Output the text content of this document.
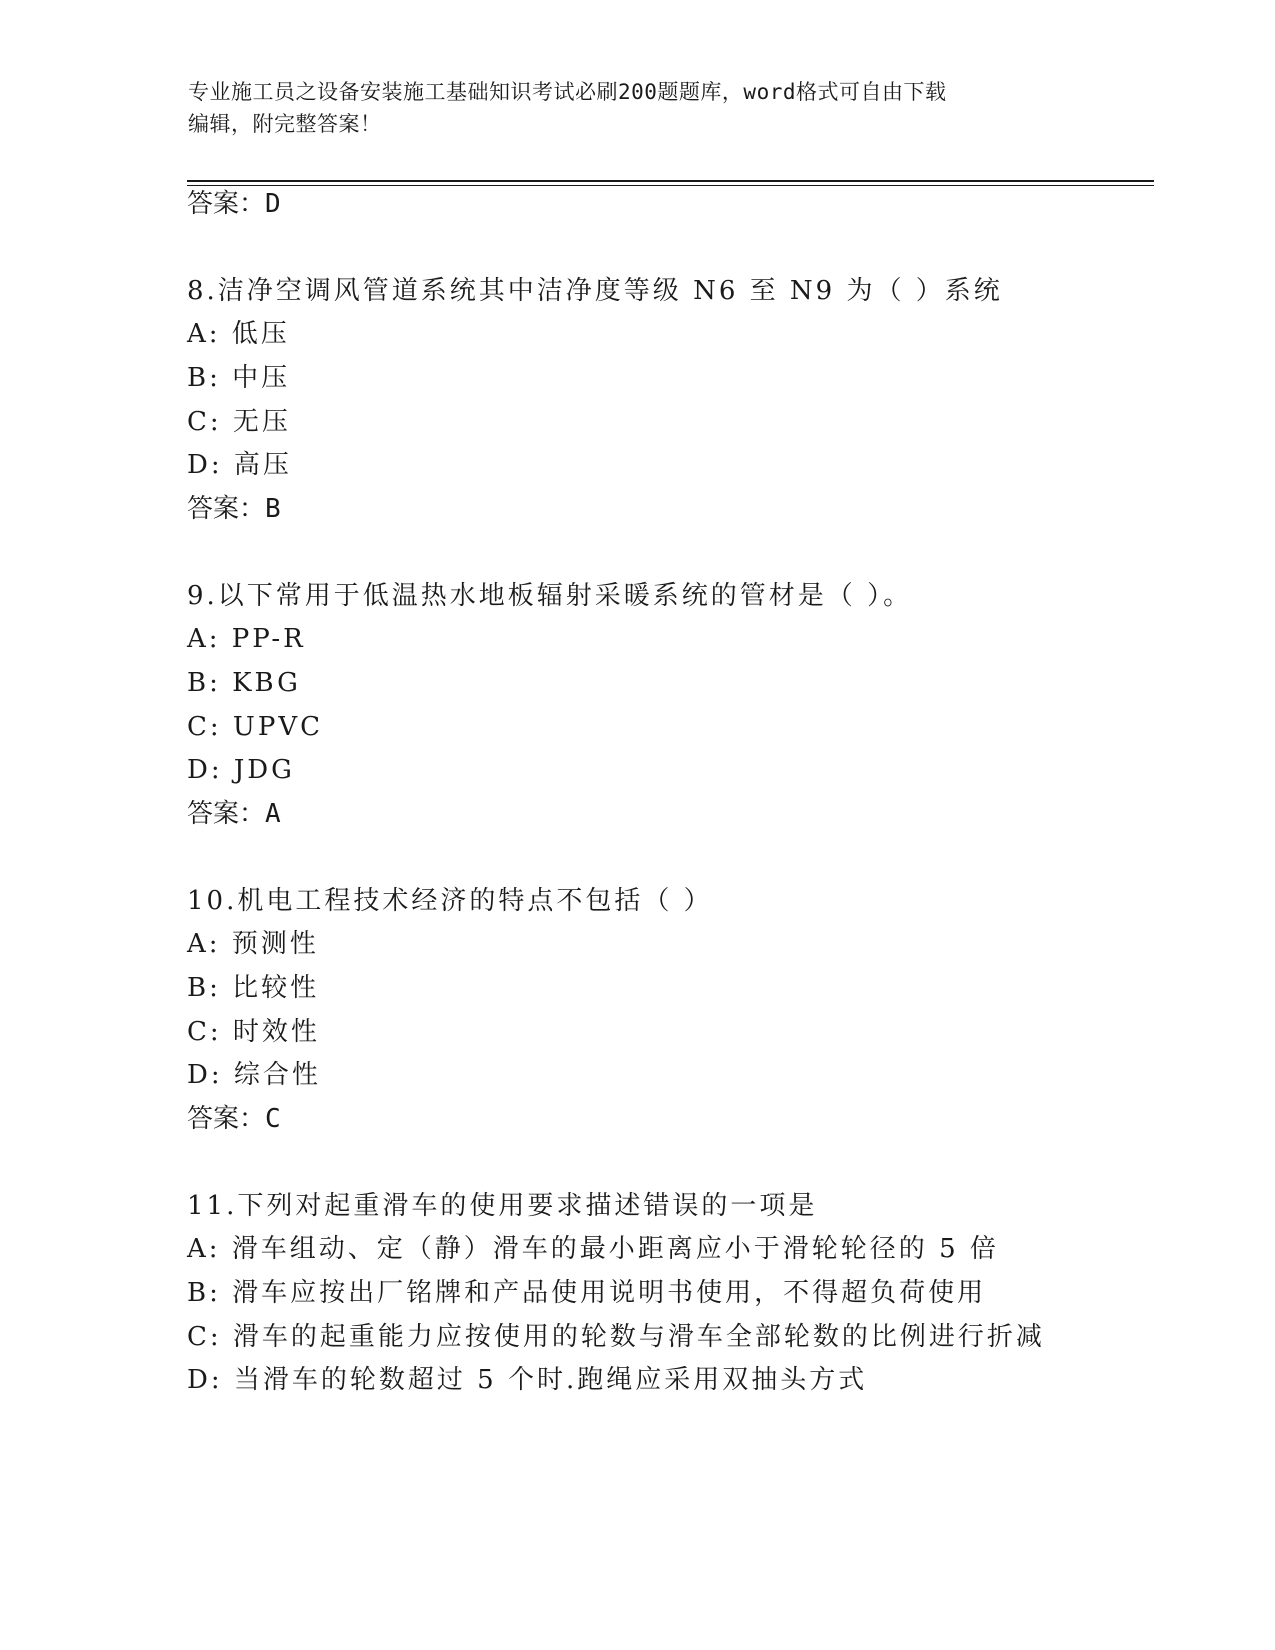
专业施工员之设备安装施工基础知识考试必刷200题题库，word格式可自由下载
编辑，附完整答案！
答案：D
8.洁净空调风管道系统其中洁净度等级 N6 至 N9 为（ ）系统
A: 低压
B: 中压
C: 无压
D: 高压
答案：B
9.以下常用于低温热水地板辐射采暖系统的管材是（ ）。
A: PP-R
B: KBG
C: UPVC
D: JDG
答案：A
10.机电工程技术经济的特点不包括（ ）
A: 预测性
B: 比较性
C: 时效性
D: 综合性
答案：C
11.下列对起重滑车的使用要求描述错误的一项是
A: 滑车组动、定（静）滑车的最小距离应小于滑轮轮径的 5 倍
B: 滑车应按出厂铭牌和产品使用说明书使用，不得超负荷使用
C: 滑车的起重能力应按使用的轮数与滑车全部轮数的比例进行折减
D: 当滑车的轮数超过 5 个时.跑绳应采用双抽头方式
